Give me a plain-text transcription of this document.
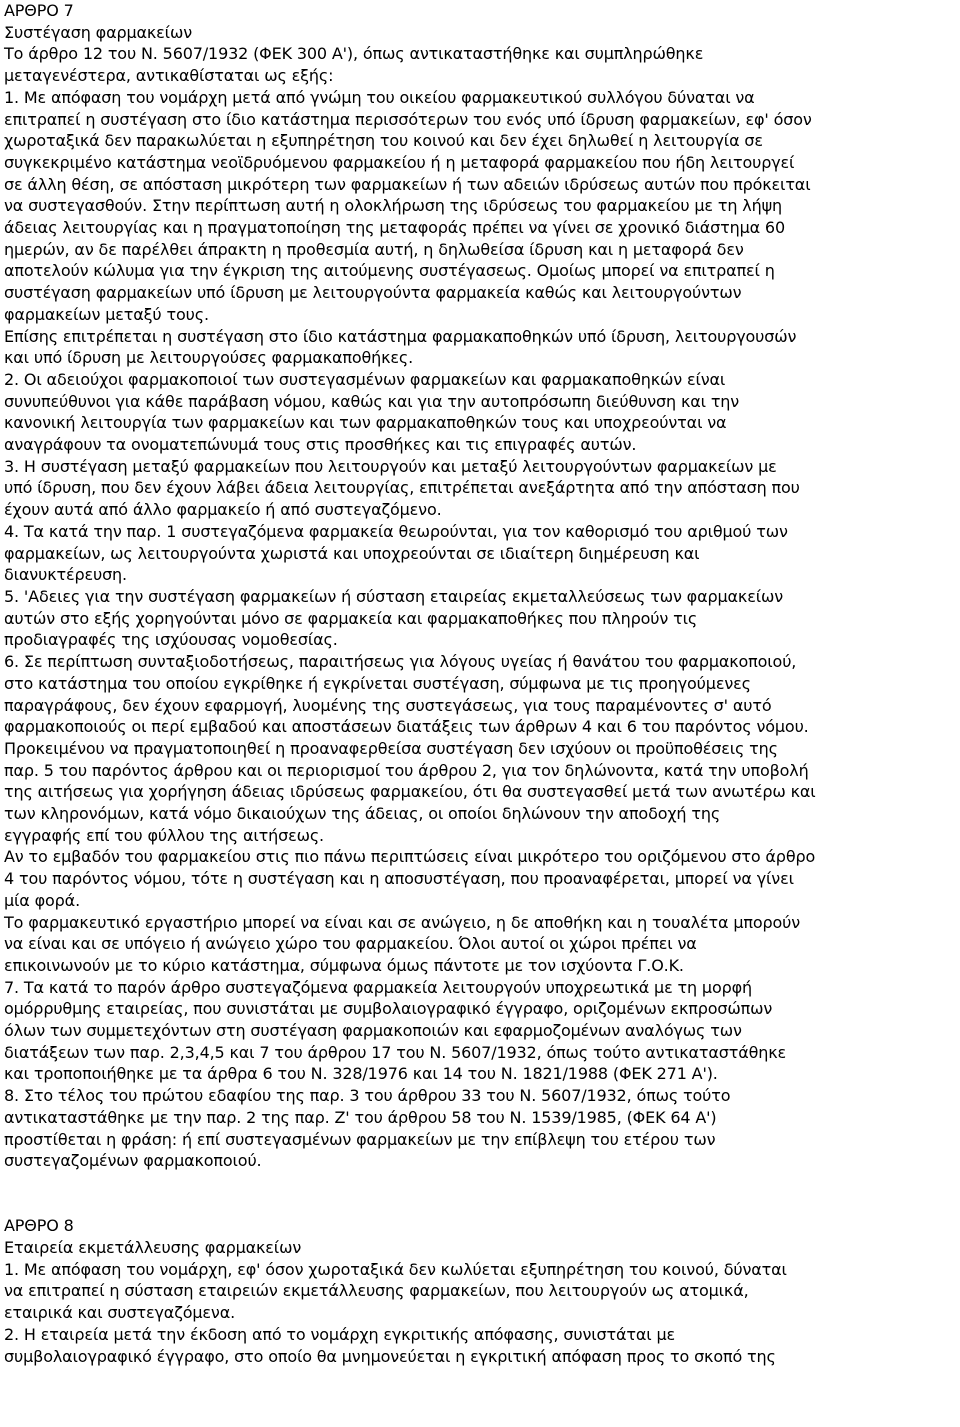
ΑΡΘΡΟ 7
Συστέγαση φαρμακείων
Το άρθρο 12 του Ν. 5607/1932 (ΦΕΚ 300 Α'), όπως αντικαταστήθηκε και συμπληρώθηκε
μεταγενέστερα, αντικαθίσταται ως εξής:
1. Με απόφαση του νομάρχη μετά από γνώμη του οικείου φαρμακευτικού συλλόγου δύναται να
επιτραπεί η συστέγαση στο ίδιο κατάστημα περισσότερων του ενός υπό ίδρυση φαρμακείων, εφ' όσον
χωροταξικά δεν παρακωλύεται η εξυπηρέτηση του κοινού και δεν έχει δηλωθεί η λειτουργία σε
συγκεκριμένο κατάστημα νεοϊδρυόμενου φαρμακείου ή η μεταφορά φαρμακείου που ήδη λειτουργεί
σε άλλη θέση, σε απόσταση μικρότερη των φαρμακείων ή των αδειών ιδρύσεως αυτών που πρόκειται
να συστεγασθούν. Στην περίπτωση αυτή η ολοκλήρωση της ιδρύσεως του φαρμακείου με τη λήψη
άδειας λειτουργίας και η πραγματοποίηση της μεταφοράς πρέπει να γίνει σε χρονικό διάστημα 60
ημερών, αν δε παρέλθει άπρακτη η προθεσμία αυτή, η δηλωθείσα ίδρυση και η μεταφορά δεν
αποτελούν κώλυμα για την έγκριση της αιτούμενης συστέγασεως. Ομοίως μπορεί να επιτραπεί η
συστέγαση φαρμακείων υπό ίδρυση με λειτουργούντα φαρμακεία καθώς και λειτουργούντων
φαρμακείων μεταξύ τους.
Επίσης επιτρέπεται η συστέγαση στο ίδιο κατάστημα φαρμακαποθηκών υπό ίδρυση, λειτουργουσών
και υπό ίδρυση με λειτουργούσες φαρμακαποθήκες.
2. Οι αδειούχοι φαρμακοποιοί των συστεγασμένων φαρμακείων και φαρμακαποθηκών είναι
συνυπεύθυνοι για κάθε παράβαση νόμου, καθώς και για την αυτοπρόσωπη διεύθυνση και την
κανονική λειτουργία των φαρμακείων και των φαρμακαποθηκών τους και υποχρεούνται να
αναγράφουν τα ονοματεπώνυμά τους στις προσθήκες και τις επιγραφές αυτών.
3. Η συστέγαση μεταξύ φαρμακείων που λειτουργούν και μεταξύ λειτουργούντων φαρμακείων με
υπό ίδρυση, που δεν έχουν λάβει άδεια λειτουργίας, επιτρέπεται ανεξάρτητα από την απόσταση που
έχουν αυτά από άλλο φαρμακείο ή από συστεγαζόμενο.
4. Τα κατά την παρ. 1 συστεγαζόμενα φαρμακεία θεωρούνται, για τον καθορισμό του αριθμού των
φαρμακείων, ως λειτουργούντα χωριστά και υποχρεούνται σε ιδιαίτερη διημέρευση και
διανυκτέρευση.
5. 'Αδειες για την συστέγαση φαρμακείων ή σύσταση εταιρείας εκμεταλλεύσεως των φαρμακείων
αυτών στο εξής χορηγούνται μόνο σε φαρμακεία και φαρμακαποθήκες που πληρούν τις
προδιαγραφές της ισχύουσας νομοθεσίας.
6. Σε περίπτωση συνταξιοδοτήσεως, παραιτήσεως για λόγους υγείας ή θανάτου του φαρμακοποιού,
στο κατάστημα του οποίου εγκρίθηκε ή εγκρίνεται συστέγαση, σύμφωνα με τις προηγούμενες
παραγράφους, δεν έχουν εφαρμογή, λυομένης της συστεγάσεως, για τους παραμένοντες σ' αυτό
φαρμακοποιούς οι περί εμβαδού και αποστάσεων διατάξεις των άρθρων 4 και 6 του παρόντος νόμου.
Προκειμένου να πραγματοποιηθεί η προαναφερθείσα συστέγαση δεν ισχύουν οι προϋποθέσεις της
παρ. 5 του παρόντος άρθρου και οι περιορισμοί του άρθρου 2, για τον δηλώνοντα, κατά την υποβολή
της αιτήσεως για χορήγηση άδειας ιδρύσεως φαρμακείου, ότι θα συστεγασθεί μετά των ανωτέρω και
των κληρονόμων, κατά νόμο δικαιούχων της άδειας, οι οποίοι δηλώνουν την αποδοχή της
εγγραφής επί του φύλλου της αιτήσεως.
Αν το εμβαδόν του φαρμακείου στις πιο πάνω περιπτώσεις είναι μικρότερο του οριζόμενου στο άρθρο
4 του παρόντος νόμου, τότε η συστέγαση και η αποσυστέγαση, που προαναφέρεται, μπορεί να γίνει
μία φορά.
Το φαρμακευτικό εργαστήριο μπορεί να είναι και σε ανώγειο, η δε αποθήκη και η τουαλέτα μπορούν
να είναι και σε υπόγειο ή ανώγειο χώρο του φαρμακείου. Όλοι αυτοί οι χώροι πρέπει να
επικοινωνούν με το κύριο κατάστημα, σύμφωνα όμως πάντοτε με τον ισχύοντα Γ.Ο.Κ.
7. Τα κατά το παρόν άρθρο συστεγαζόμενα φαρμακεία λειτουργούν υποχρεωτικά με τη μορφή
ομόρρυθμης εταιρείας, που συνιστάται με συμβολαιογραφικό έγγραφο, οριζομένων εκπροσώπων
όλων των συμμετεχόντων στη συστέγαση φαρμακοποιών και εφαρμοζομένων αναλόγως των
διατάξεων των παρ. 2,3,4,5 και 7 του άρθρου 17 του Ν. 5607/1932, όπως τούτο αντικαταστάθηκε
και τροποποιήθηκε με τα άρθρα 6 του Ν. 328/1976 και 14 του Ν. 1821/1988 (ΦΕΚ 271 Α').
8. Στο τέλος του πρώτου εδαφίου της παρ. 3 του άρθρου 33 του Ν. 5607/1932, όπως τούτο
αντικαταστάθηκε με την παρ. 2 της παρ. Ζ' του άρθρου 58 του Ν. 1539/1985, (ΦΕΚ 64 Α')
προστίθεται η φράση: ή επί συστεγασμένων φαρμακείων με την επίβλεψη του ετέρου των
συστεγαζομένων φαρμακοποιού.
ΑΡΘΡΟ 8
Εταιρεία εκμετάλλευσης φαρμακείων
1. Με απόφαση του νομάρχη, εφ' όσον χωροταξικά δεν κωλύεται εξυπηρέτηση του κοινού, δύναται
να επιτραπεί η σύσταση εταιρειών εκμετάλλευσης φαρμακείων, που λειτουργούν ως ατομικά,
εταιρικά και συστεγαζόμενα.
2. Η εταιρεία μετά την έκδοση από το νομάρχη εγκριτικής απόφασης, συνιστάται με
συμβολαιογραφικό έγγραφο, στο οποίο θα μνημονεύεται η εγκριτική απόφαση προς το σκοπό της
